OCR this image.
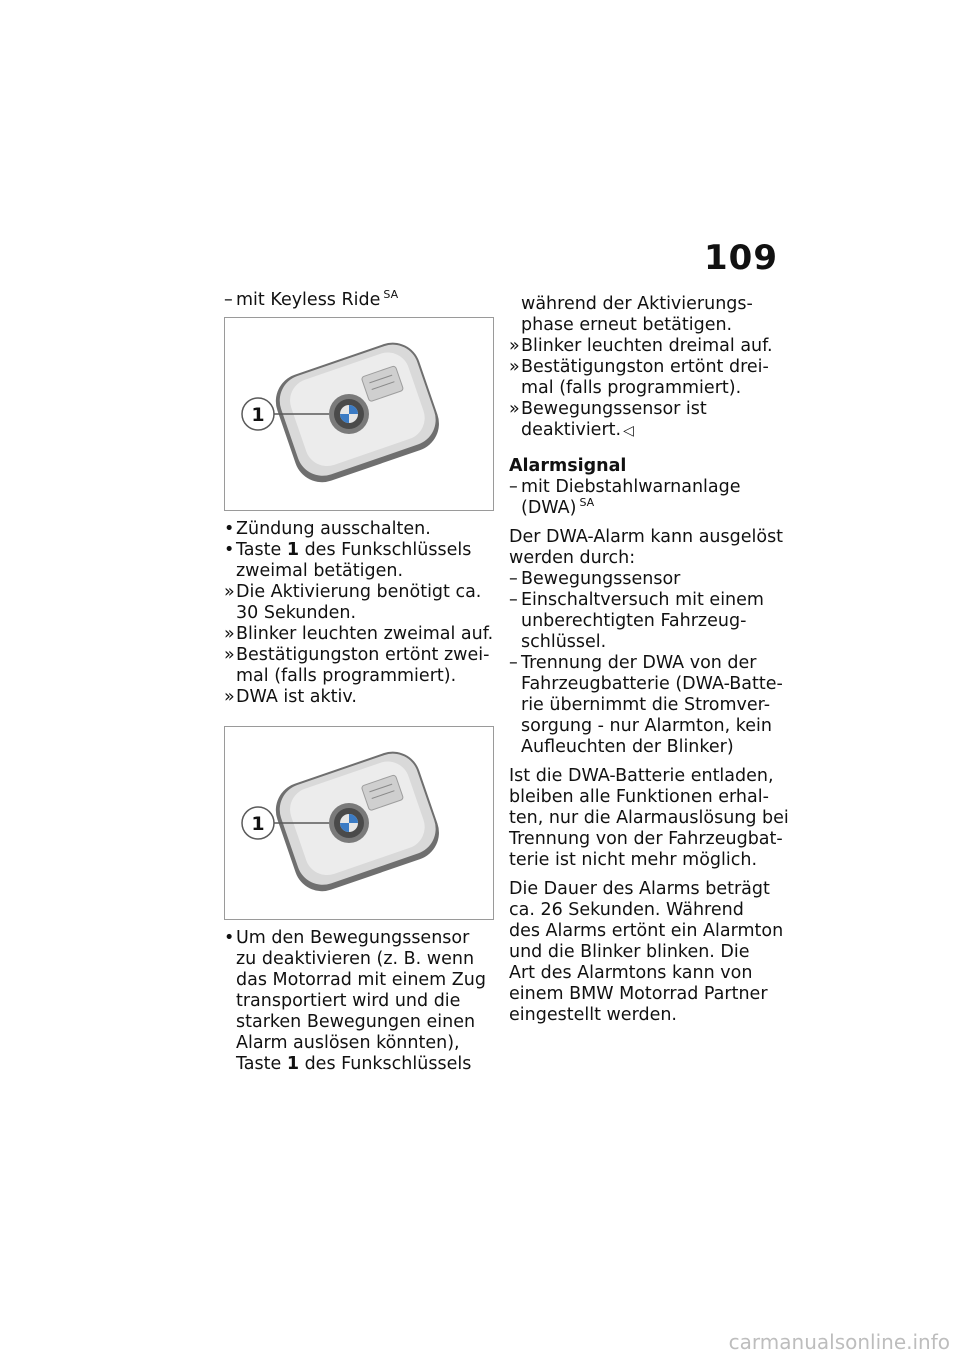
109
– mit Keyless Ride $^{SA}$
1
• Zündung ausschalten.
• Taste 1 des Funkschlüssels
zweimal betätigen.
» Die Aktivierung benötigt ca.
30 Sekunden.
» Blinker leuchten zweimal auf.
» Bestätigungston ertönt zwei-
mal (falls programmiert).
» DWA ist aktiv.
1
• Um den Bewegungssensor
zu deaktivieren (z. B. wenn
das Motorrad mit einem Zug
transportiert wird und die
starken Bewegungen einen
Alarm auslösen könnten),
Taste 1 des Funkschlüssels
während der Aktivierungs-
phase erneut betätigen.
» Blinker leuchten dreimal auf.
» Bestätigungston ertönt drei-
mal (falls programmiert).
» Bewegungssensor ist
deaktiviert. ◁
Alarmsignal
– mit Diebstahlwarnanlage
(DWA) $^{SA}$
Der DWA-Alarm kann ausgelöst
werden durch:
– Bewegungssensor
– Einschaltversuch mit einem
unberechtigten Fahrzeug-
schlüssel.
– Trennung der DWA von der
Fahrzeugbatterie (DWA-Batte-
rie übernimmt die Stromver-
sorgung - nur Alarmton, kein
Aufleuchten der Blinker)
Ist die DWA-Batterie entladen,
bleiben alle Funktionen erhal-
ten, nur die Alarmauslösung bei
Trennung von der Fahrzeugbat-
terie ist nicht mehr möglich.
Die Dauer des Alarms beträgt
ca. 26 Sekunden. Während
des Alarms ertönt ein Alarmton
und die Blinker blinken. Die
Art des Alarmtons kann von
einem BMW Motorrad Partner
eingestellt werden.
carmanualsonline.info
